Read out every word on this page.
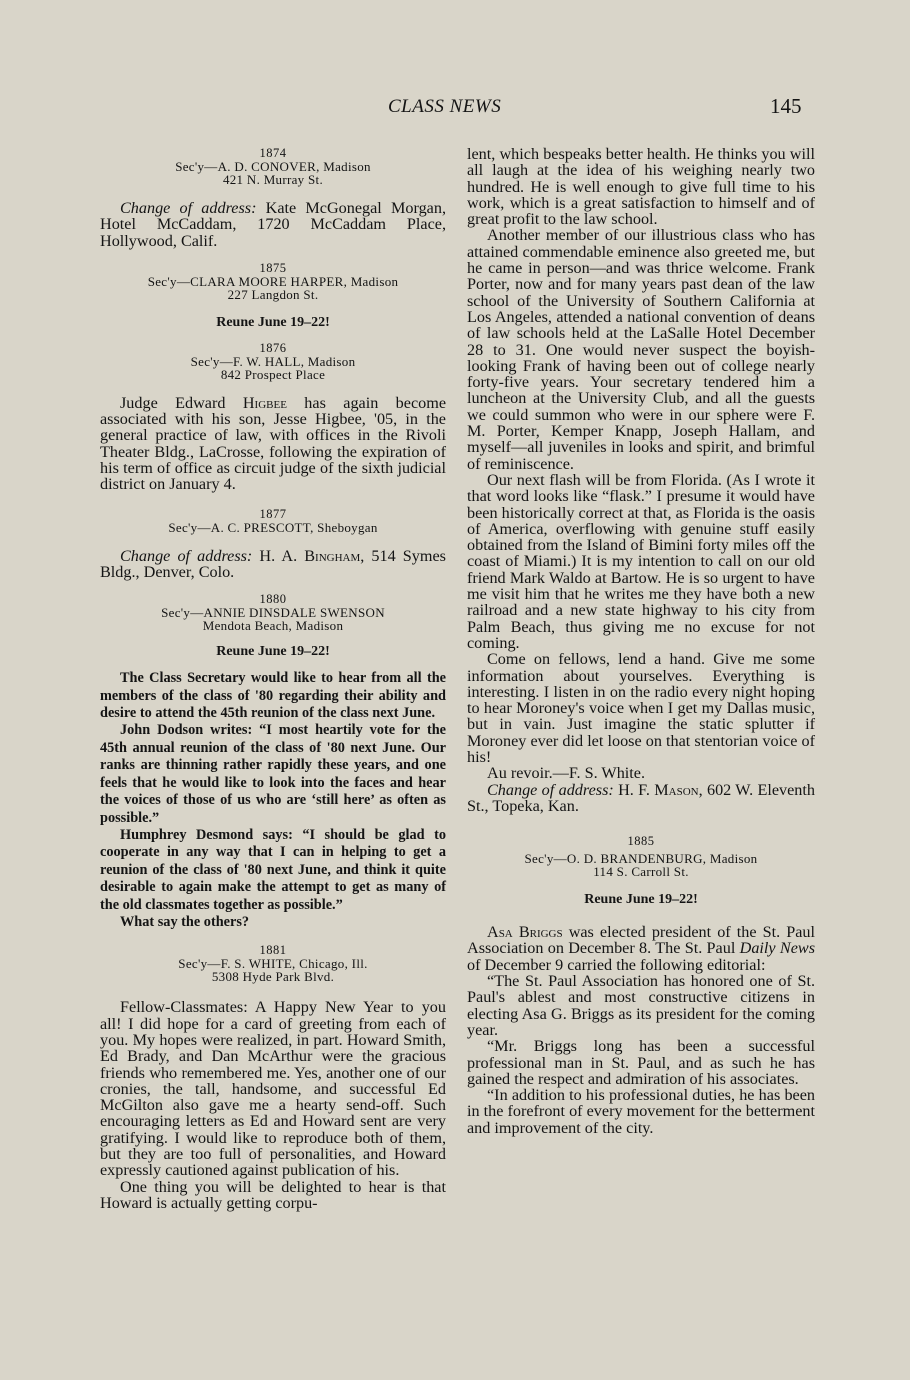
CLASS NEWS	145
1874
Sec'y—A. D. CONOVER, Madison
421 N. Murray St.

Change of address: Kate McGonegal Morgan, Hotel McCaddam, 1720 McCaddam Place, Hollywood, Calif.

1875
Sec'y—CLARA MOORE HARPER, Madison
227 Langdon St.
Reune June 19–22!
1876
Sec'y—F. W. HALL, Madison
842 Prospect Place

Judge Edward Higbee has again become associated with his son, Jesse Higbee, '05, in the general practice of law, with offices in the Rivoli Theater Bldg., LaCrosse, following the expiration of his term of office as circuit judge of the sixth judicial district on January 4.

1877
Sec'y—A. C. PRESCOTT, Sheboygan

Change of address: H. A. Bingham, 514 Symes Bldg., Denver, Colo.

1880
Sec'y—ANNIE DINSDALE SWENSON
Mendota Beach, Madison
Reune June 19–22!

The Class Secretary would like to hear from all the members of the class of '80 regarding their ability and desire to attend the 45th reunion of the class next June.

John Dodson writes: “I most heartily vote for the 45th annual reunion of the class of '80 next June. Our ranks are thinning rather rapidly these years, and one feels that he would like to look into the faces and hear the voices of those of us who are ‘still here’ as often as possible.”

Humphrey Desmond says: “I should be glad to cooperate in any way that I can in helping to get a reunion of the class of '80 next June, and think it quite desirable to again make the attempt to get as many of the old classmates together as possible.”

What say the others?

1881
Sec'y—F. S. WHITE, Chicago, Ill.
5308 Hyde Park Blvd.

Fellow-Classmates: A Happy New Year to you all! I did hope for a card of greeting from each of you. My hopes were realized, in part. Howard Smith, Ed Brady, and Dan McArthur were the gracious friends who remembered me. Yes, another one of our cronies, the tall, handsome, and successful Ed McGilton also gave me a hearty send-off. Such encouraging letters as Ed and Howard sent are very gratifying. I would like to reproduce both of them, but they are too full of personalities, and Howard expressly cautioned against publication of his.

One thing you will be delighted to hear is that Howard is actually getting corpu-

lent, which bespeaks better health. He thinks you will all laugh at the idea of his weighing nearly two hundred. He is well enough to give full time to his work, which is a great satisfaction to himself and of great profit to the law school.

Another member of our illustrious class who has attained commendable eminence also greeted me, but he came in person—and was thrice welcome. Frank Porter, now and for many years past dean of the law school of the University of Southern California at Los Angeles, attended a national convention of deans of law schools held at the LaSalle Hotel December 28 to 31. One would never suspect the boyish-looking Frank of having been out of college nearly forty-five years. Your secretary tendered him a luncheon at the University Club, and all the guests we could summon who were in our sphere were F. M. Porter, Kemper Knapp, Joseph Hallam, and myself—all juveniles in looks and spirit, and brimful of reminiscence.

Our next flash will be from Florida. (As I wrote it that word looks like “flask.” I presume it would have been historically correct at that, as Florida is the oasis of America, overflowing with genuine stuff easily obtained from the Island of Bimini forty miles off the coast of Miami.) It is my intention to call on our old friend Mark Waldo at Bartow. He is so urgent to have me visit him that he writes me they have both a new railroad and a new state highway to his city from Palm Beach, thus giving me no excuse for not coming.

Come on fellows, lend a hand. Give me some information about yourselves. Everything is interesting. I listen in on the radio every night hoping to hear Moroney's voice when I get my Dallas music, but in vain. Just imagine the static splutter if Moroney ever did let loose on that stentorian voice of his!

Au revoir.—F. S. White.

Change of address: H. F. Mason, 602 W. Eleventh St., Topeka, Kan.

1885
Sec'y—O. D. BRANDENBURG, Madison
114 S. Carroll St.
Reune June 19–22!

Asa Briggs was elected president of the St. Paul Association on December 8. The St. Paul Daily News of December 9 carried the following editorial:

“The St. Paul Association has honored one of St. Paul's ablest and most constructive citizens in electing Asa G. Briggs as its president for the coming year.

“Mr. Briggs long has been a successful professional man in St. Paul, and as such he has gained the respect and admiration of his associates.

“In addition to his professional duties, he has been in the forefront of every movement for the betterment and improvement of the city.
